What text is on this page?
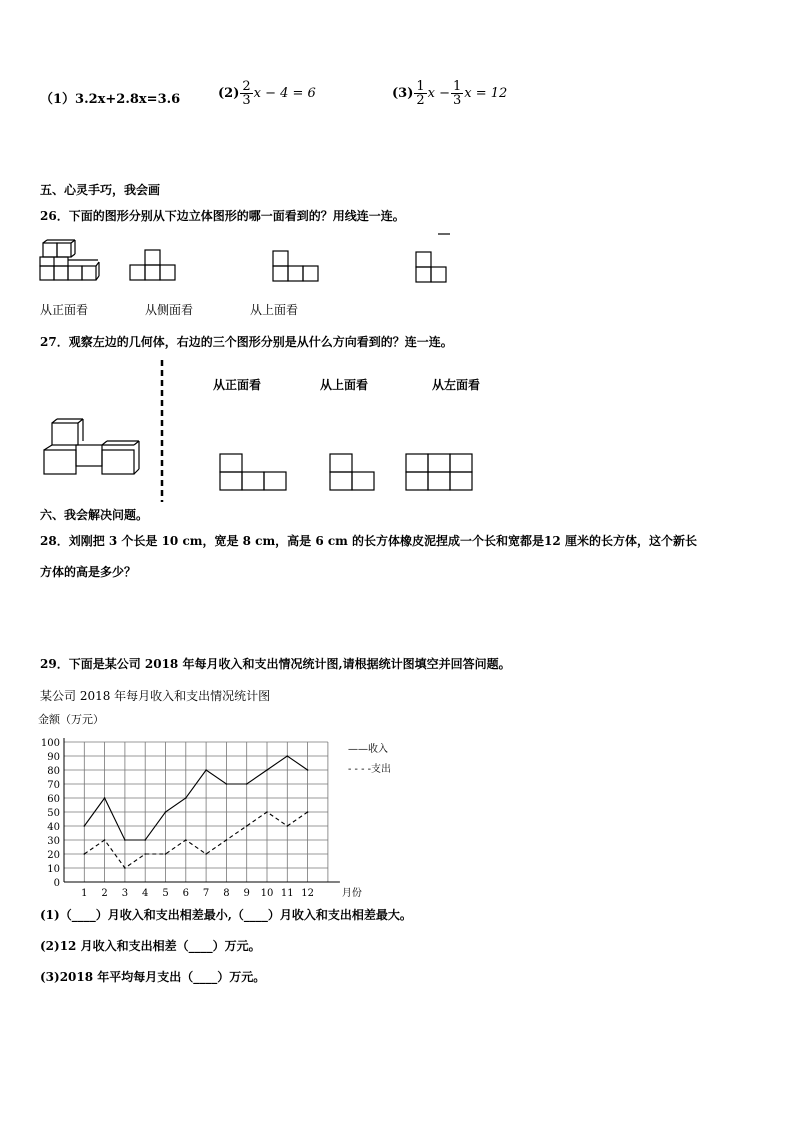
（1）3.2x+2.8x=3.6	$(2) \frac{2}{3}$ x − 4 = 6	$(3) \frac{1}{2}$ $x - \frac{1}{3}$ x = 12
五、心灵手巧，我会画
26．下面的图形分别从下边立体图形的哪一面看到的？用线连一连。
从正面看	从侧面看	从上面看
27．观察左边的几何体，右边的三个图形分别是从什么方向看到的？连一连。
从正面看	从上面看	从左面看
六、我会解决问题。
28．刘刚把 3 个长是 10 cm，宽是 8 cm，高是 6 cm 的长方体橡皮泥捏成一个长和宽都是12 厘米的长方体，这个新长
方体的高是多少？
29．下面是某公司 2018 年每月收入和支出情况统计图,请根据统计图填空并回答问题。
某公司 2018 年每月收入和支出情况统计图
金额（万元）
0
10
20
30
40
50
60
70
80
90
100
1 2 3 4 5 6 7 8 9 10 11 12	月份
——收入
- - - -支出
(1)（____）月收入和支出相差最小,（____）月收入和支出相差最大。
(2)12 月收入和支出相差（____）万元。
(3)2018 年平均每月支出（____）万元。
